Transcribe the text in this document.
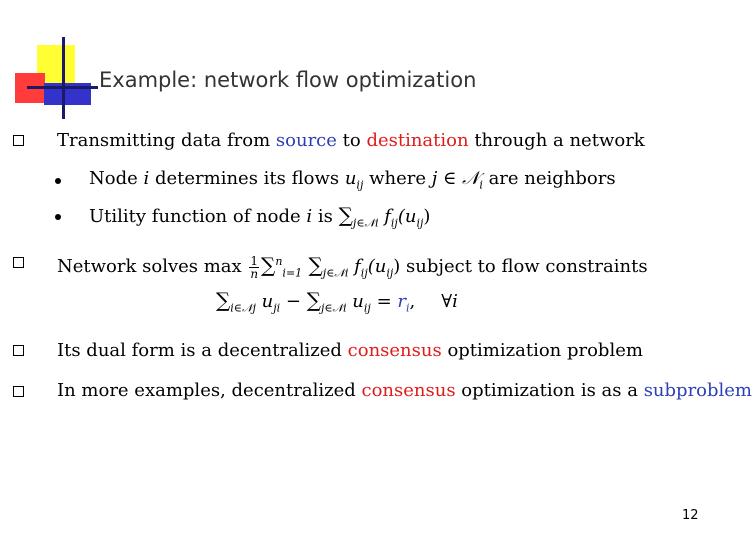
Example: network flow optimization
Transmitting data from source to destination through a network
Node i determines its flows $u_{ij}$ where j ∈ 𝒩$_i$ are neighbors
Utility function of node i is $\sum_{j\in 𝒩i}$ $f_{ij}(u_{ij})$
Network solves $\max \frac{1}{n} \sum^n_{i=1}$ $\sum_{j\in 𝒩i}$ $f_{ij}(u_{ij})$ subject to flow constraints
$\sum_{i\in 𝒩j}$ $u_{ji} - \sum_{j\in 𝒩i}$ $u_{ij} = r_i$, ∀i
Its dual form is a decentralized consensus optimization problem
In more examples, decentralized consensus optimization is as a subproblem
12
